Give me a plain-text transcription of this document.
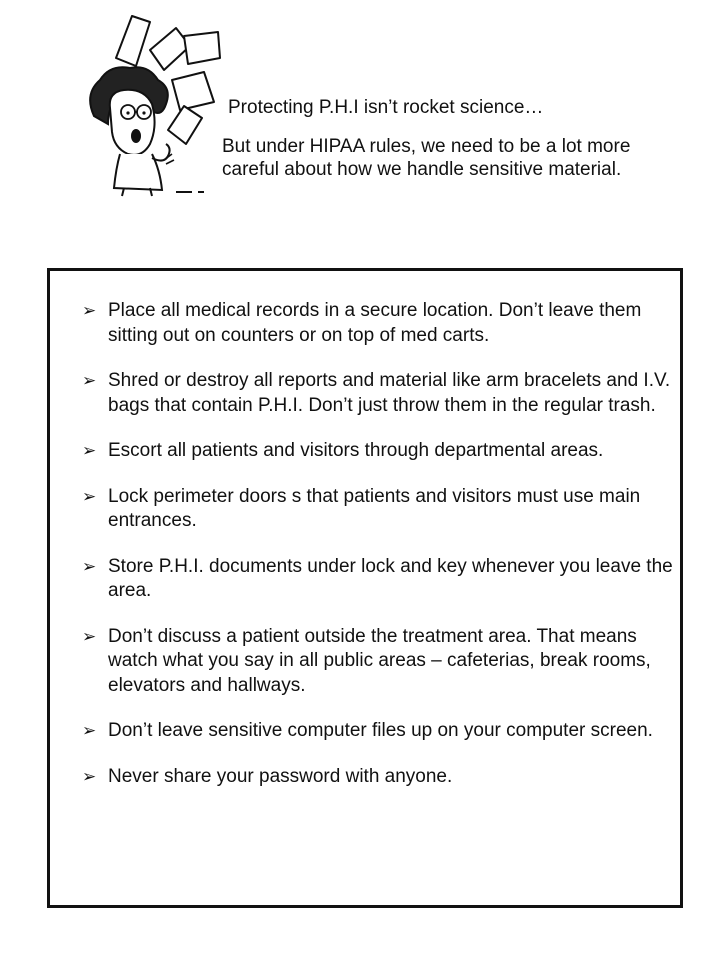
Protecting P.H.I isn’t rocket science…

But under HIPAA rules, we need to be a lot more careful about how we handle sensitive material.

➢ Place all medical records in a secure location. Don’t leave them sitting out on counters or on top of med carts.
➢ Shred or destroy all reports and material like arm bracelets and I.V. bags that contain P.H.I. Don’t just throw them in the regular trash.
➢ Escort all patients and visitors through departmental areas.
➢ Lock perimeter doors s that patients and visitors must use main entrances.
➢ Store P.H.I. documents under lock and key whenever you leave the area.
➢ Don’t discuss a patient outside the treatment area. That means watch what you say in all public areas – cafeterias, break rooms, elevators and hallways.
➢ Don’t leave sensitive computer files up on your computer screen.
➢ Never share your password with anyone.
